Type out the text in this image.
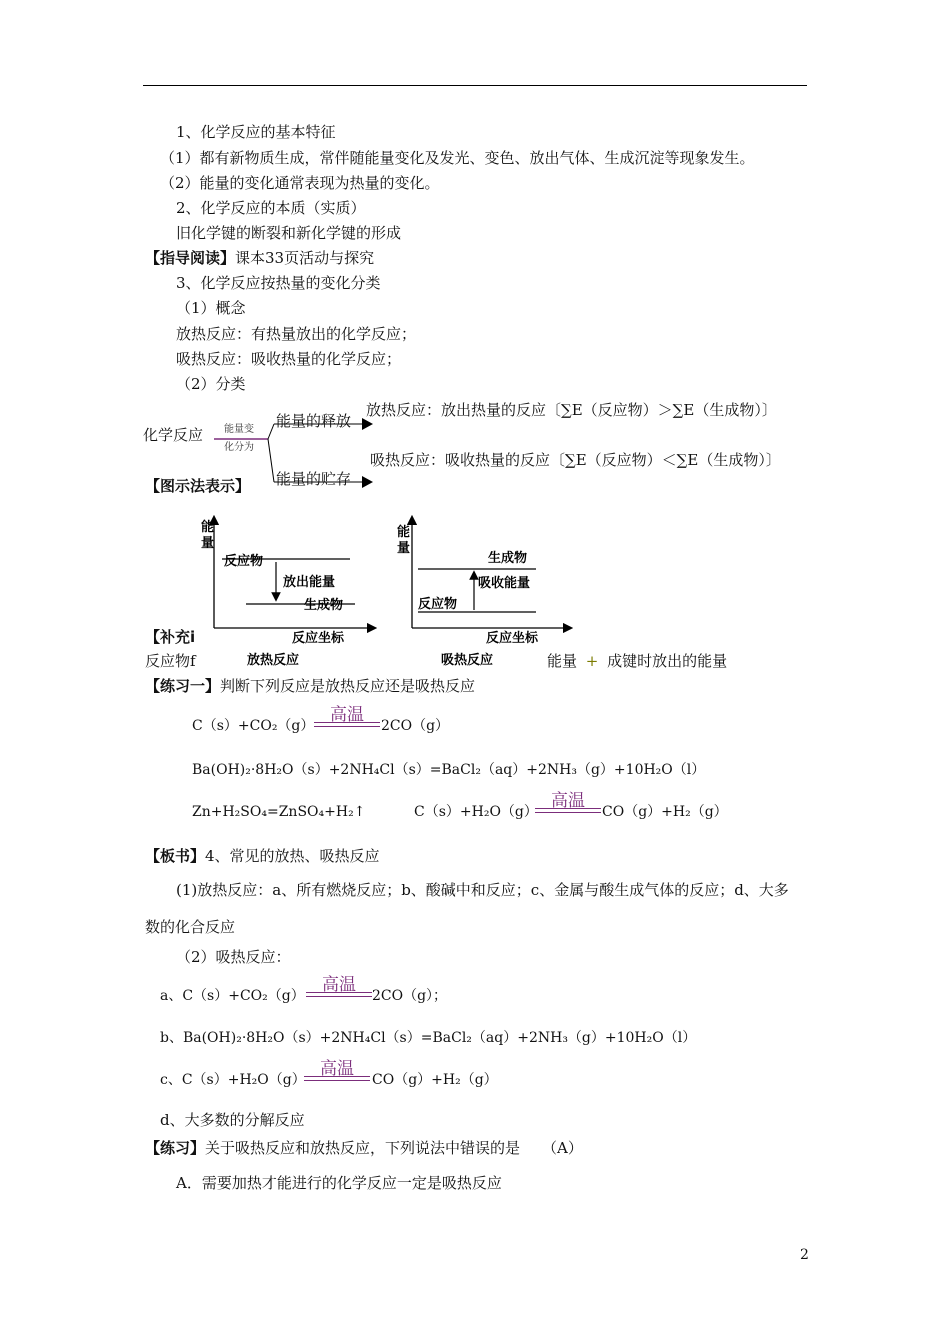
1、化学反应的基本特征
（1）都有新物质生成，常伴随能量变化及发光、变色、放出气体、生成沉淀等现象发生。
（2）能量的变化通常表现为热量的变化。
2、化学反应的本质（实质）
旧化学键的断裂和新化学键的形成
【指导阅读】课本33页活动与探究
3、化学反应按热量的变化分类
（1）概念
放热反应：有热量放出的化学反应；
吸热反应：吸收热量的化学反应；
（2）分类
化学反应 能量变
化分为
能量的释放
能量的贮存
放热反应：放出热量的反应〔∑E（反应物）＞∑E（生成物）〕
吸热反应：吸收热量的反应〔∑E（反应物）＜∑E（生成物）〕
【图示法表示】
能
量
反应物
放出能量
生成物
反应坐标
放热反应
能
量
生成物
吸收能量
反应物
反应坐标
吸热反应
【补充i
反应物f	能量 + 成键时放出的能量
【练习一】判断下列反应是放热反应还是吸热反应
C（s）+CO₂（g）
高温
2CO（g）
Ba(OH)₂·8H₂O（s）+2NH₄Cl（s）=BaCl₂（aq）+2NH₃（g）+10H₂O（l）
Zn+H₂SO₄=ZnSO₄+H₂↑	C（s）+H₂O（g）
高温
CO（g）+H₂（g）
【板书】4、常见的放热、吸热反应
(1)放热反应：a、所有燃烧反应；b、酸碱中和反应；c、金属与酸生成气体的反应；d、大多
数的化合反应
（2）吸热反应：
a、C（s）+CO₂（g）
高温
2CO（g）；
b、Ba(OH)₂·8H₂O（s）+2NH₄Cl（s）=BaCl₂（aq）+2NH₃（g）+10H₂O（l）
c、C（s）+H₂O（g）
高温
CO（g）+H₂（g）
d、大多数的分解反应
【练习】关于吸热反应和放热反应，下列说法中错误的是 （A）
A．需要加热才能进行的化学反应一定是吸热反应
2
